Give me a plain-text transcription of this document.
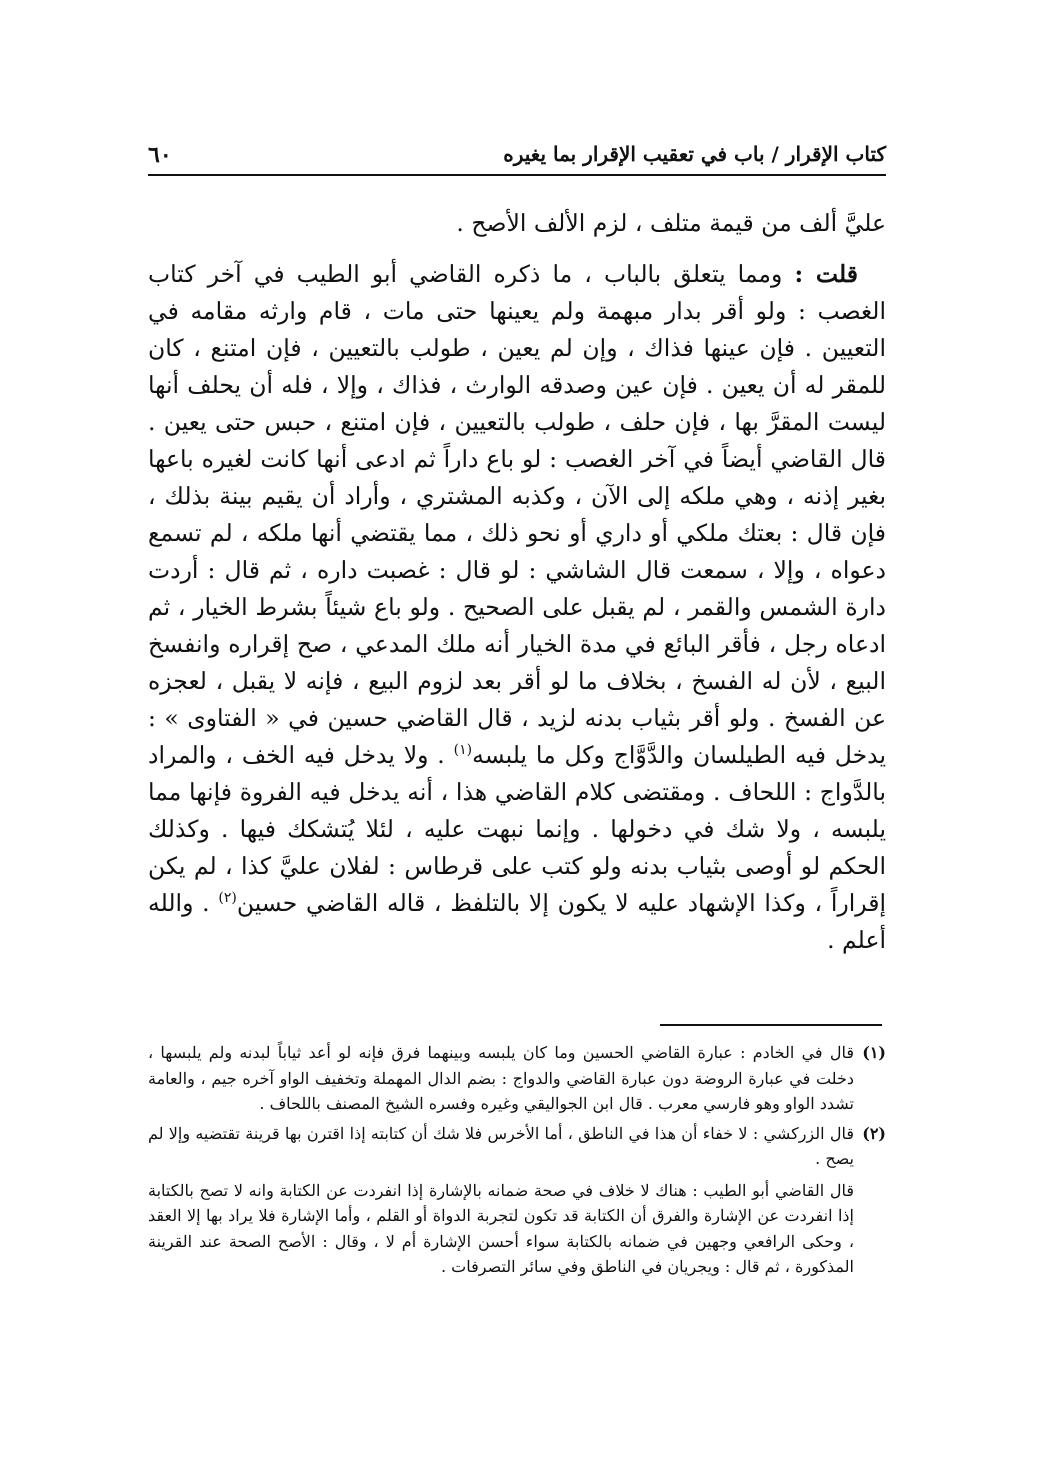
كتاب الإقرار / باب في تعقيب الإقرار بما يغيره
٦٠

عليَّ ألف من قيمة متلف ، لزم الألف الأصح .

قلت : ومما يتعلق بالباب ، ما ذكره القاضي أبو الطيب في آخر كتاب الغصب : ولو أقر بدار مبهمة ولم يعينها حتى مات ، قام وارثه مقامه في التعيين . فإن عينها فذاك ، وإن لم يعين ، طولب بالتعيين ، فإن امتنع ، كان للمقر له أن يعين . فإن عين وصدقه الوارث ، فذاك ، وإلا ، فله أن يحلف أنها ليست المقرَّ بها ، فإن حلف ، طولب بالتعيين ، فإن امتنع ، حبس حتى يعين . قال القاضي أيضاً في آخر الغصب : لو باع داراً ثم ادعى أنها كانت لغيره باعها بغير إذنه ، وهي ملكه إلى الآن ، وكذبه المشتري ، وأراد أن يقيم بينة بذلك ، فإن قال : بعتك ملكي أو داري أو نحو ذلك ، مما يقتضي أنها ملكه ، لم تسمع دعواه ، وإلا ، سمعت قال الشاشي : لو قال : غصبت داره ، ثم قال : أردت دارة الشمس والقمر ، لم يقبل على الصحيح . ولو باع شيئاً بشرط الخيار ، ثم ادعاه رجل ، فأقر البائع في مدة الخيار أنه ملك المدعي ، صح إقراره وانفسخ البيع ، لأن له الفسخ ، بخلاف ما لو أقر بعد لزوم البيع ، فإنه لا يقبل ، لعجزه عن الفسخ . ولو أقر بثياب بدنه لزيد ، قال القاضي حسين في « الفتاوى » : يدخل فيه الطيلسان والدَّوَّاج وكل ما يلبسه$^{(١)}$ . ولا يدخل فيه الخف ، والمراد بالدَّواج : اللحاف . ومقتضى كلام القاضي هذا ، أنه يدخل فيه الفروة فإنها مما يلبسه ، ولا شك في دخولها . وإنما نبهت عليه ، لئلا يُتشكك فيها . وكذلك الحكم لو أوصى بثياب بدنه ولو كتب على قرطاس : لفلان عليَّ كذا ، لم يكن إقراراً ، وكذا الإشهاد عليه لا يكون إلا بالتلفظ ، قاله القاضي حسين$^{(٢)}$ . والله أعلم .

(١)

قال في الخادم : عبارة القاضي الحسين وما كان يلبسه وبينهما فرق فإنه لو أعد ثياباً لبدنه ولم يلبسها ، دخلت في عبارة الروضة دون عبارة القاضي والدواج : بضم الدال المهملة وتخفيف الواو آخره جيم ، والعامة تشدد الواو وهو فارسي معرب . قال ابن الجواليقي وغيره وفسره الشيخ المصنف باللحاف .

(٢)

قال الزركشي : لا خفاء أن هذا في الناطق ، أما الأخرس فلا شك أن كتابته إذا اقترن بها قرينة تقتضيه وإلا لم يصح .

قال القاضي أبو الطيب : هناك لا خلاف في صحة ضمانه بالإشارة إذا انفردت عن الكتابة وانه لا تصح بالكتابة إذا انفردت عن الإشارة والفرق أن الكتابة قد تكون لتجربة الدواة أو القلم ، وأما الإشارة فلا يراد بها إلا العقد ، وحكى الرافعي وجهين في ضمانه بالكتابة سواء أحسن الإشارة أم لا ، وقال : الأصح الصحة عند القرينة المذكورة ، ثم قال : ويجريان في الناطق وفي سائر التصرفات .
